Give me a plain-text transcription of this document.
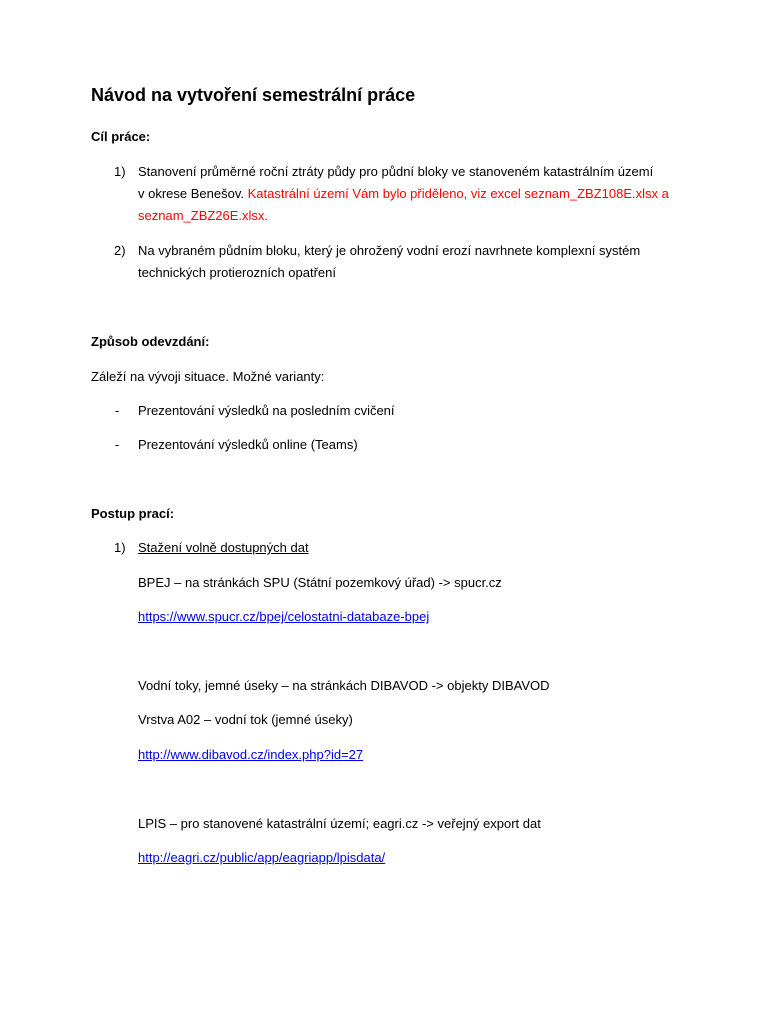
Návod na vytvoření semestrální práce
Cíl práce:
1) Stanovení průměrné roční ztráty půdy pro půdní bloky ve stanoveném katastrálním území
v okrese Benešov. Katastrální území Vám bylo přiděleno, viz excel seznam_ZBZ108E.xlsx a
seznam_ZBZ26E.xlsx.
2) Na vybraném půdním bloku, který je ohrožený vodní erozí navrhnete komplexní systém
technických protierozních opatření
Způsob odevzdání:
Záleží na vývoji situace. Možné varianty:
- Prezentování výsledků na posledním cvičení
- Prezentování výsledků online (Teams)
Postup prací:
1) Stažení volně dostupných dat
BPEJ – na stránkách SPU (Státní pozemkový úřad) -> spucr.cz
https://www.spucr.cz/bpej/celostatni-databaze-bpej
Vodní toky, jemné úseky – na stránkách DIBAVOD -> objekty DIBAVOD
Vrstva A02 – vodní tok (jemné úseky)
http://www.dibavod.cz/index.php?id=27
LPIS – pro stanovené katastrální území; eagri.cz -> veřejný export dat
http://eagri.cz/public/app/eagriapp/lpisdata/
